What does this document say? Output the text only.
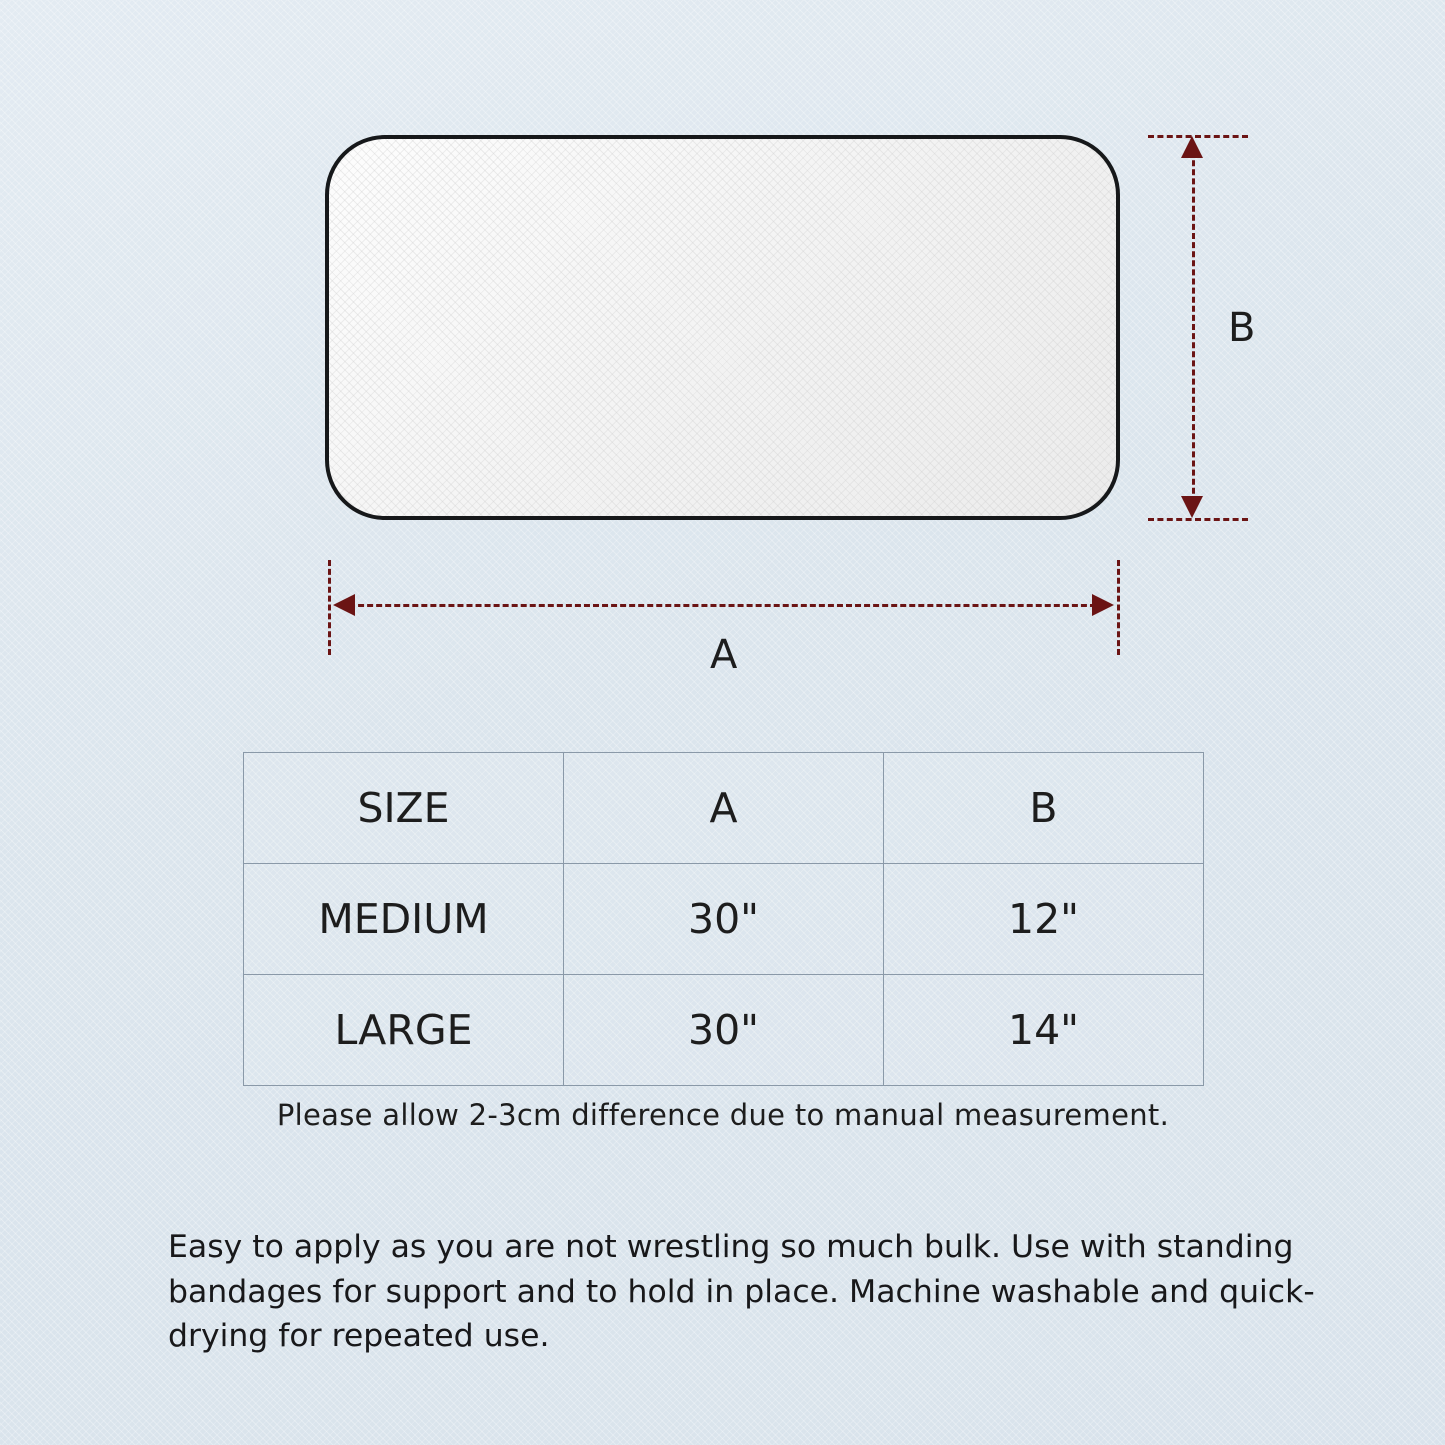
B
A
SIZE	A	B
MEDIUM	30"	12"
LARGE	30"	14"
Please allow 2-3cm difference due to manual measurement.
Easy to apply as you are not wrestling so much bulk. Use with standing bandages for support and to hold in place. Machine washable and quick-drying for repeated use.
